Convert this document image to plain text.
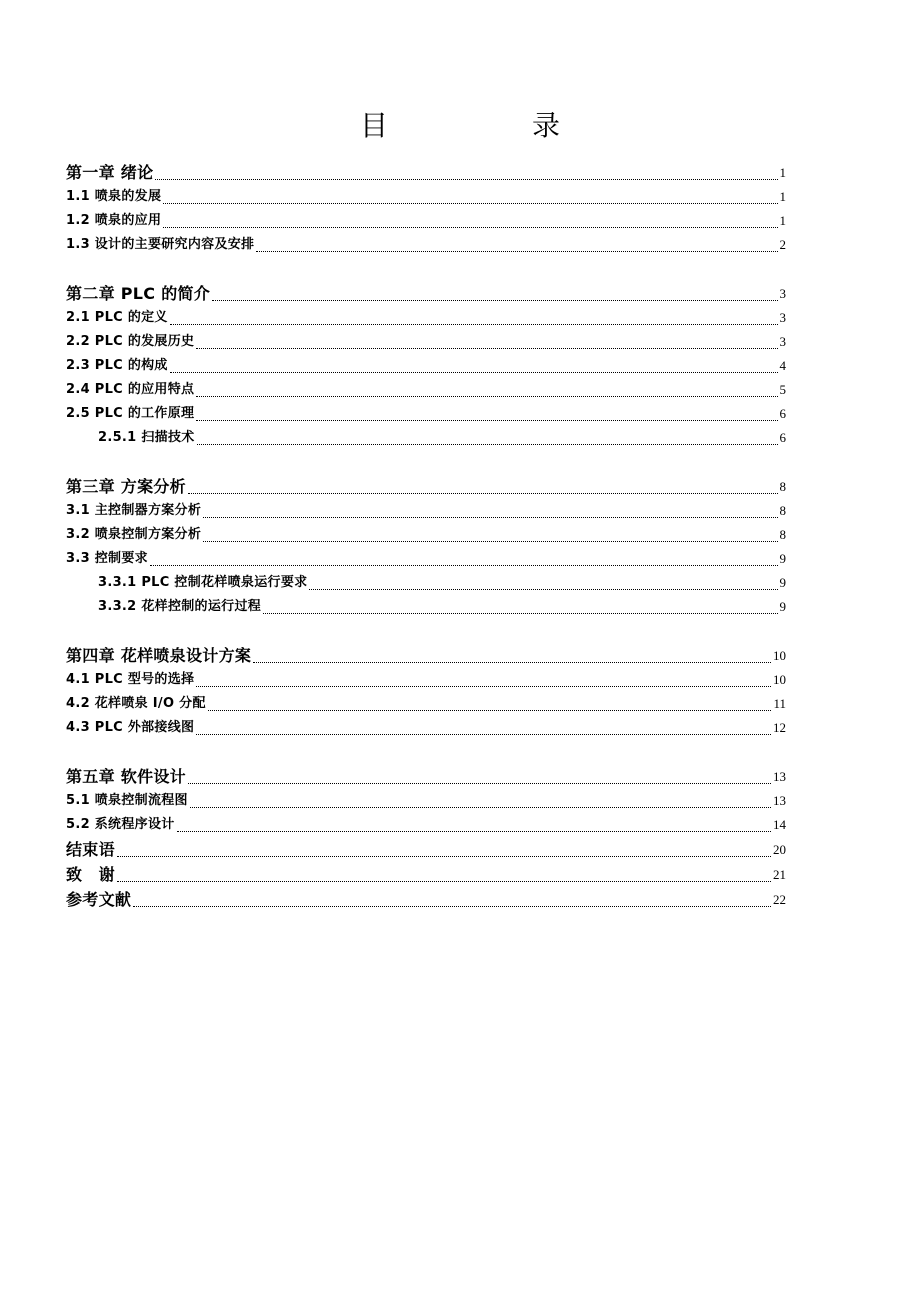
目　录
第一章 绪论	1
1.1 喷泉的发展	1
1.2 喷泉的应用	1
1.3 设计的主要研究内容及安排	2
第二章 PLC 的简介	3
2.1 PLC 的定义	3
2.2 PLC 的发展历史	3
2.3 PLC 的构成	4
2.4 PLC 的应用特点	5
2.5 PLC 的工作原理	6
2.5.1 扫描技术	6
第三章 方案分析	8
3.1 主控制器方案分析	8
3.2 喷泉控制方案分析	8
3.3 控制要求	9
3.3.1 PLC 控制花样喷泉运行要求	9
3.3.2 花样控制的运行过程	9
第四章 花样喷泉设计方案	10
4.1 PLC 型号的选择	10
4.2 花样喷泉 I/O 分配	11
4.3 PLC 外部接线图	12
第五章 软件设计	13
5.1 喷泉控制流程图	13
5.2 系统程序设计	14
结束语	20
致　谢	21
参考文献	22
